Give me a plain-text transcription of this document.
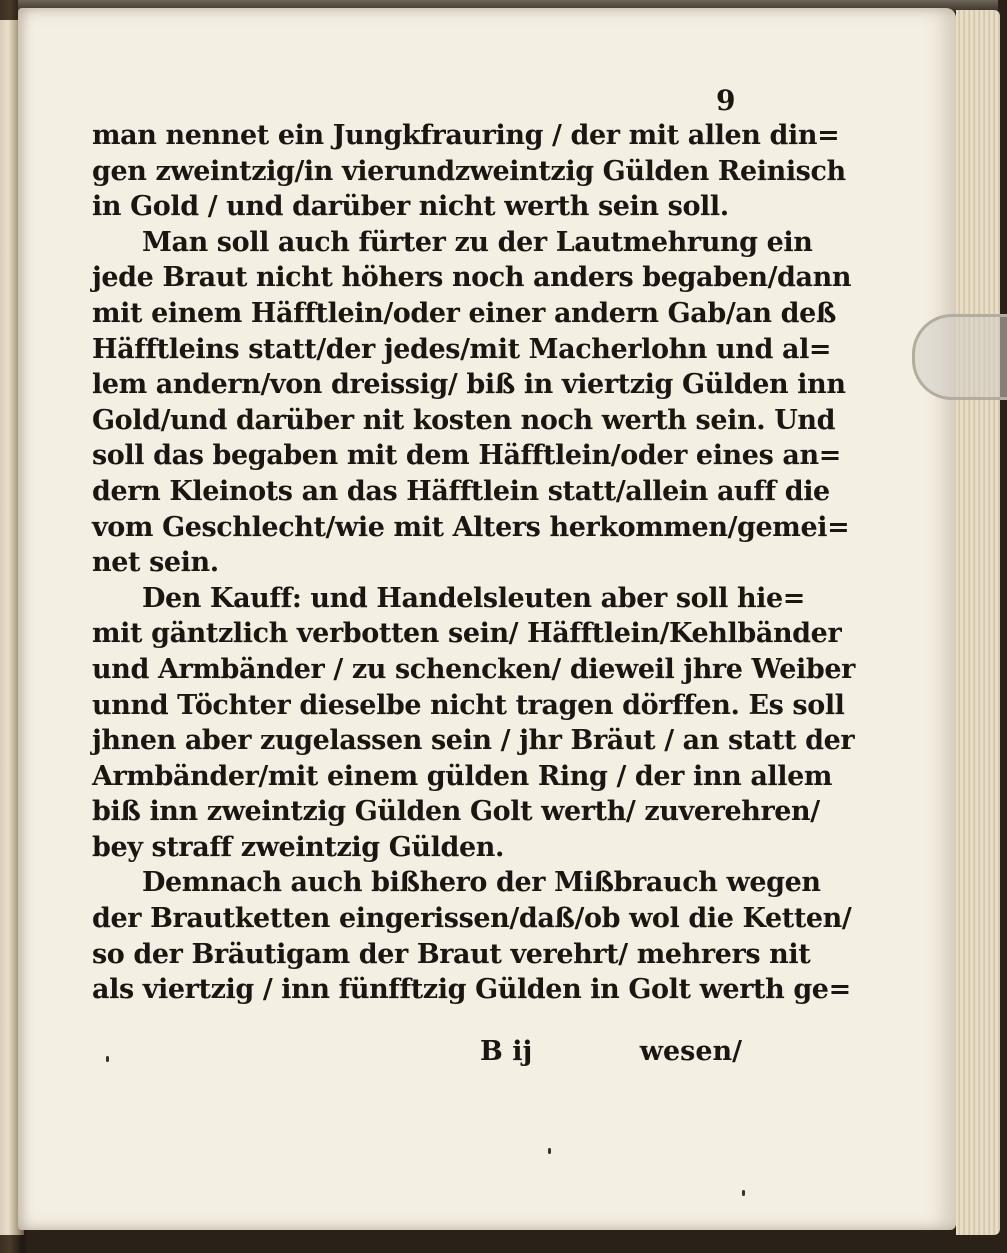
9
man nennet ein Jungkfrauring / der mit allen din=
gen zweintzig/in vierundzweintzig Gülden Reinisch
in Gold / und darüber nicht werth sein soll.
Man soll auch fürter zu der Lautmehrung ein
jede Braut nicht höhers noch anders begaben/dann
mit einem Häfftlein/oder einer andern Gab/an deß
Häfftleins statt/der jedes/mit Macherlohn und al=
lem andern/von dreissig/ biß in viertzig Gülden inn
Gold/und darüber nit kosten noch werth sein. Und
soll das begaben mit dem Häfftlein/oder eines an=
dern Kleinots an das Häfftlein statt/allein auff die
vom Geschlecht/wie mit Alters herkommen/gemei=
net sein.
Den Kauff: und Handelsleuten aber soll hie=
mit gäntzlich verbotten sein/ Häfftlein/Kehlbänder
und Armbänder / zu schencken/ dieweil jhre Weiber
unnd Töchter dieselbe nicht tragen dörffen. Es soll
jhnen aber zugelassen sein / jhr Bräut / an statt der
Armbänder/mit einem gülden Ring / der inn allem
biß inn zweintzig Gülden Golt werth/ zuverehren/
bey straff zweintzig Gülden.
Demnach auch bißhero der Mißbrauch wegen
der Brautketten eingerissen/daß/ob wol die Ketten/
so der Bräutigam der Braut verehrt/ mehrers nit
als viertzig / inn fünfftzig Gülden in Golt werth ge=
B ij	wesen/
